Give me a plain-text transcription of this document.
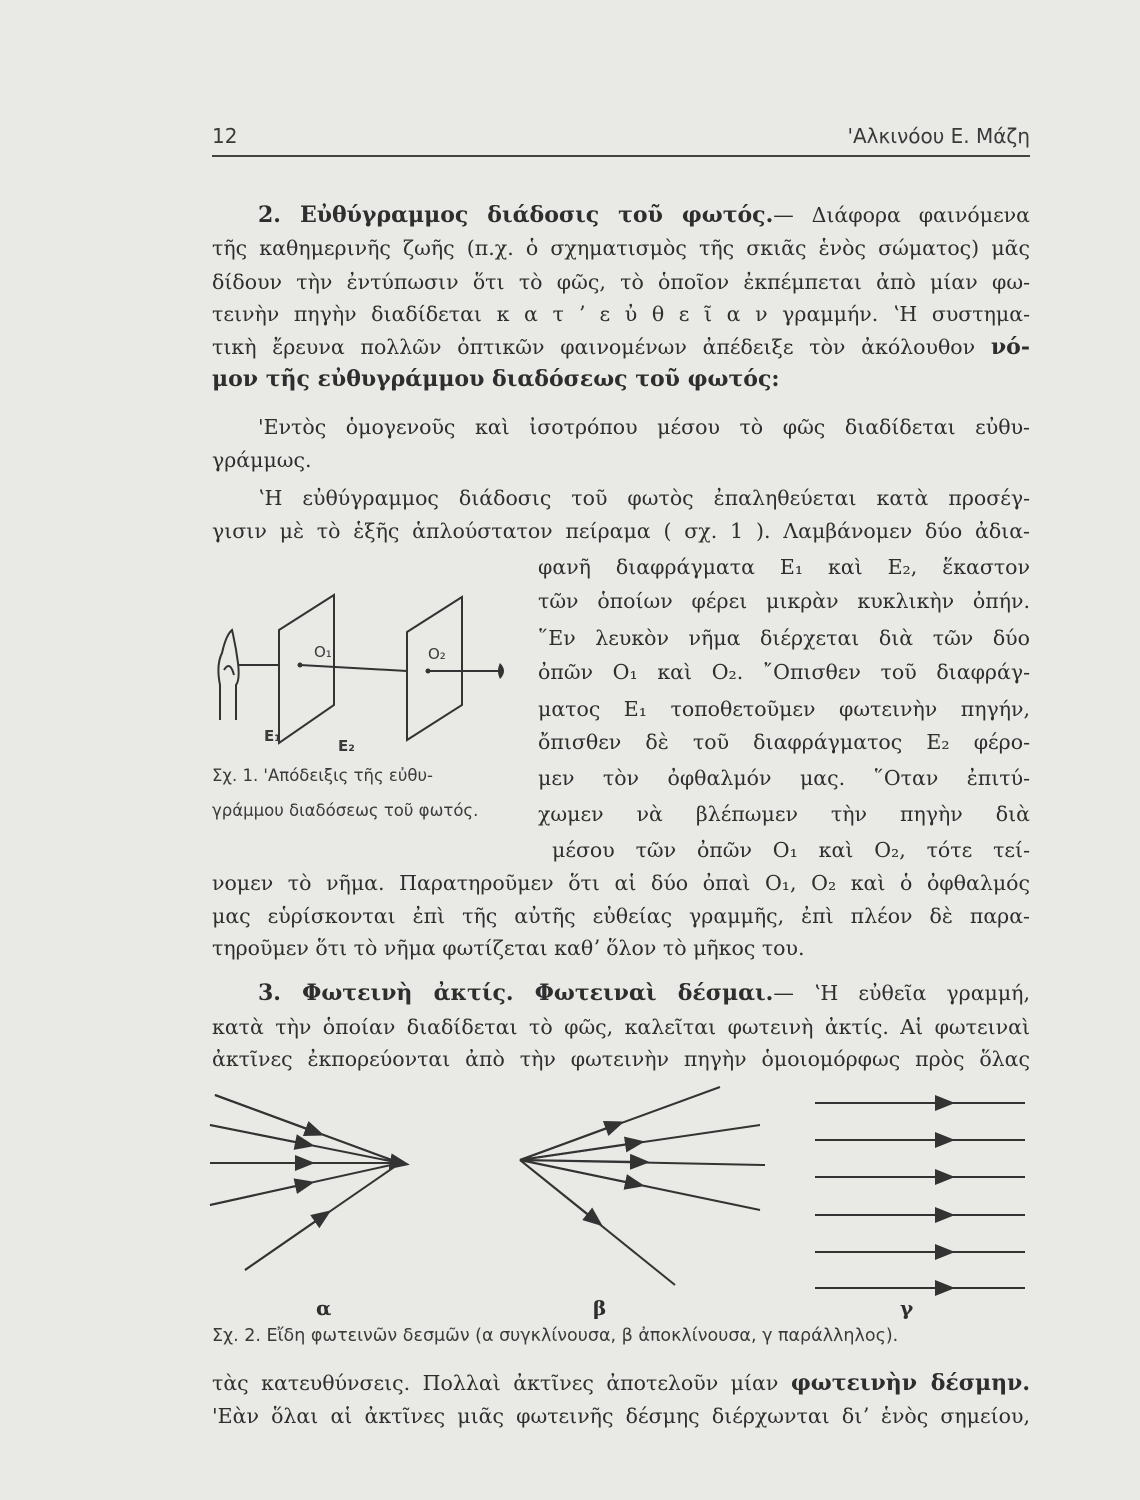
12	'Αλκινόου Ε. Μάζη
2. Εὐθύγραμμος διάδοσις τοῦ φωτός.— Διάφορα φαινόμενα
τῆς καθημερινῆς ζωῆς (π.χ. ὁ σχηματισμὸς τῆς σκιᾶς ἑνὸς σώματος) μᾶς
δίδουν τὴν ἐντύπωσιν ὅτι τὸ φῶς, τὸ ὁποῖον ἐκπέμπεται ἀπὸ μίαν φω-
τεινὴν πηγὴν διαδίδεται κ α τ ʼ ε ὐ θ ε ῖ α ν γραμμήν. ʽΗ συστημα-
τικὴ ἔρευνα πολλῶν ὀπτικῶν φαινομένων ἀπέδειξε τὸν ἀκόλουθον νό-
μον τῆς εὐθυγράμμου διαδόσεως τοῦ φωτός:
'Εντὸς ὁμογενοῦς καὶ ἰσοτρόπου μέσου τὸ φῶς διαδίδεται εὐθυ-
γράμμως.
ʽΗ εὐθύγραμμος διάδοσις τοῦ φωτὸς ἐπαληθεύεται κατὰ προσέγ-
γισιν μὲ τὸ ἑξῆς ἁπλούστατον πείραμα ( σχ. 1 ). Λαμβάνομεν δύο ἀδια-
φανῆ διαφράγματα E₁ καὶ E₂, ἕκαστον
τῶν ὁποίων φέρει μικρὰν κυκλικὴν ὀπήν.
῞Εν λευκὸν νῆμα διέρχεται διὰ τῶν δύο
ὀπῶν O₁ καὶ O₂. ῎Οπισθεν τοῦ διαφράγ-
ματος E₁ τοποθετοῦμεν φωτεινὴν πηγήν,
ὄπισθεν δὲ τοῦ διαφράγματος E₂ φέρο-
μεν τὸν ὀφθαλμόν μας. ῞Οταν ἐπιτύ-
χωμεν νὰ βλέπωμεν τὴν πηγὴν διὰ
μέσου τῶν ὀπῶν O₁ καὶ O₂, τότε τεί-
νομεν τὸ νῆμα. Παρατηροῦμεν ὅτι αἱ δύο ὀπαὶ O₁, O₂ καὶ ὁ ὀφθαλμός
μας εὑρίσκονται ἐπὶ τῆς αὐτῆς εὐθείας γραμμῆς, ἐπὶ πλέον δὲ παρα-
τηροῦμεν ὅτι τὸ νῆμα φωτίζεται καθʼ ὅλον τὸ μῆκος του.
O₁	O₂
E₁
E₂
Σχ. 1. 'Απόδειξις τῆς εὐθυ-
γράμμου διαδόσεως τοῦ φωτός.
3. Φωτεινὴ ἀκτίς. Φωτειναὶ δέσμαι.— ʽΗ εὐθεῖα γραμμή,
κατὰ τὴν ὁποίαν διαδίδεται τὸ φῶς, καλεῖται φωτεινὴ ἀκτίς. Αἱ φωτειναὶ
ἀκτῖνες ἐκπορεύονται ἀπὸ τὴν φωτεινὴν πηγὴν ὁμοιομόρφως πρὸς ὅλας
α	β	γ
Σχ. 2. Εἴδη φωτεινῶν δεσμῶν (α συγκλίνουσα, β ἀποκλίνουσα, γ παράλληλος).
τὰς κατευθύνσεις. Πολλαὶ ἀκτῖνες ἀποτελοῦν μίαν φωτεινὴν δέσμην.
'Εὰν ὅλαι αἱ ἀκτῖνες μιᾶς φωτεινῆς δέσμης διέρχωνται διʼ ἑνὸς σημείου,
